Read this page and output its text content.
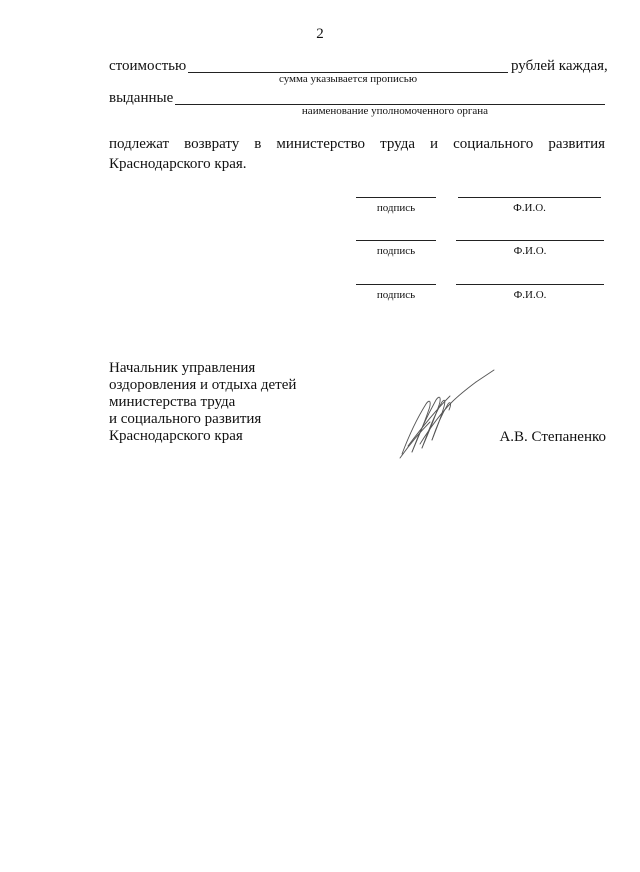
2
стоимостью	рублей каждая,
сумма указывается прописью
выданные
наименование уполномоченного органа
подлежат возврату в министерство труда и социального развития Краснодарского края.
подпись	Ф.И.О.
подпись	Ф.И.О.
подпись	Ф.И.О.
Начальник управления
оздоровления и отдыха детей
министерства труда
и социального развития
Краснодарского края	А.В. Степаненко
